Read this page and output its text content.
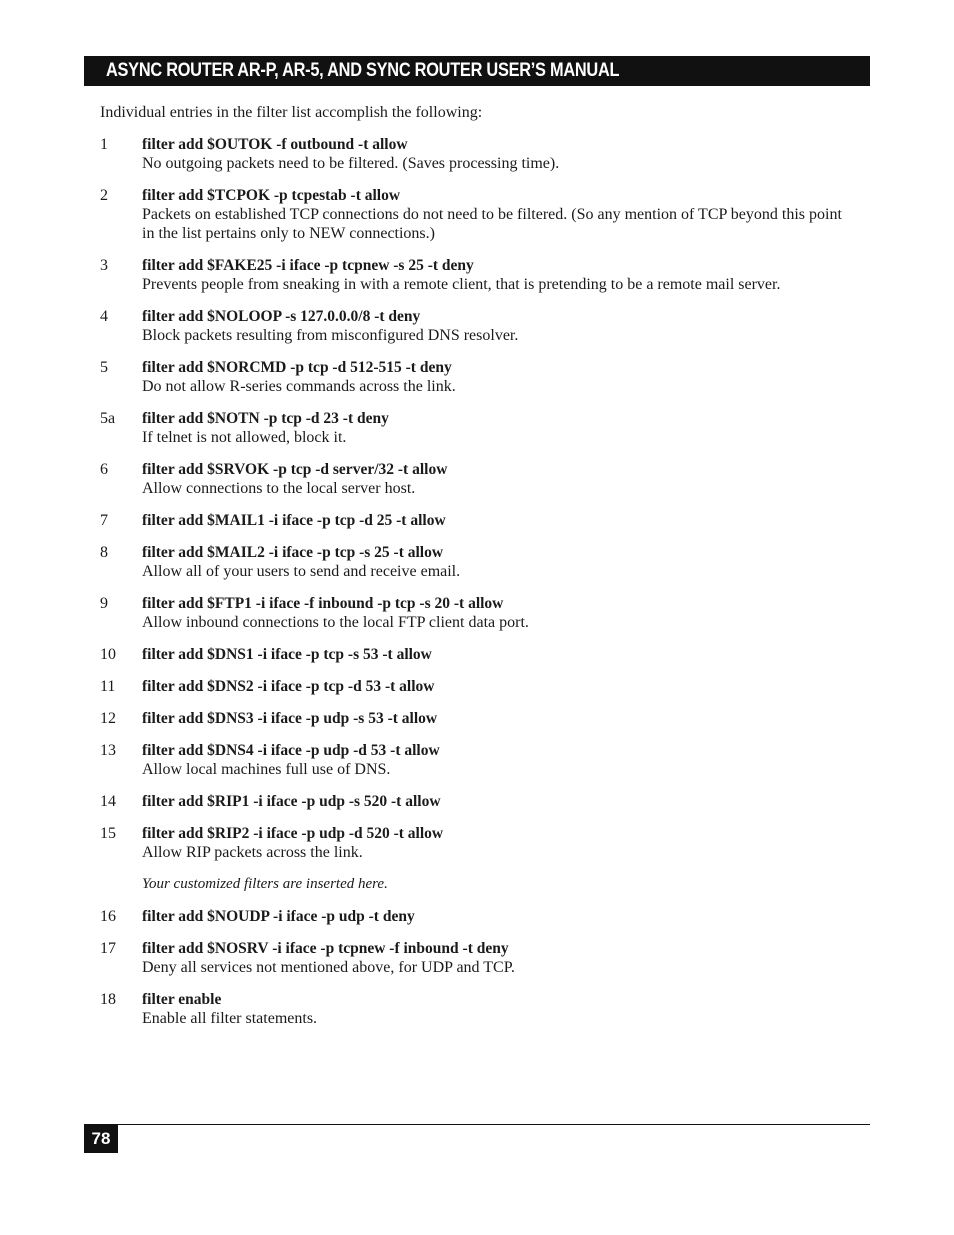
ASYNC ROUTER AR-P, AR-5, AND SYNC ROUTER USER’S MANUAL

Individual entries in the filter list accomplish the following:

1	filter add $OUTOK -f outbound -t allow
No outgoing packets need to be filtered. (Saves processing time).
2	filter add $TCPOK -p tcpestab -t allow
Packets on established TCP connections do not need to be filtered. (So any mention of TCP beyond this point in the list pertains only to NEW connections.)
3	filter add $FAKE25 -i iface -p tcpnew -s 25 -t deny
Prevents people from sneaking in with a remote client, that is pretending to be a remote mail server.
4	filter add $NOLOOP -s 127.0.0.0/8 -t deny
Block packets resulting from misconfigured DNS resolver.
5	filter add $NORCMD -p tcp -d 512-515 -t deny
Do not allow R-series commands across the link.
5a	filter add $NOTN -p tcp -d 23 -t deny
If telnet is not allowed, block it.
6	filter add $SRVOK -p tcp -d server/32 -t allow
Allow connections to the local server host.
7	filter add $MAIL1 -i iface -p tcp -d 25 -t allow
8	filter add $MAIL2 -i iface -p tcp -s 25 -t allow
Allow all of your users to send and receive email.
9	filter add $FTP1 -i iface -f inbound -p tcp -s 20 -t allow
Allow inbound connections to the local FTP client data port.
10	filter add $DNS1 -i iface -p tcp -s 53 -t allow
11	filter add $DNS2 -i iface -p tcp -d 53 -t allow
12	filter add $DNS3 -i iface -p udp -s 53 -t allow
13	filter add $DNS4 -i iface -p udp -d 53 -t allow
Allow local machines full use of DNS.
14	filter add $RIP1 -i iface -p udp -s 520 -t allow
15	filter add $RIP2 -i iface -p udp -d 520 -t allow
Allow RIP packets across the link.

Your customized filters are inserted here.

16	filter add $NOUDP -i iface -p udp -t deny
17	filter add $NOSRV -i iface -p tcpnew -f inbound -t deny
Deny all services not mentioned above, for UDP and TCP.
18	filter enable
Enable all filter statements.
78
